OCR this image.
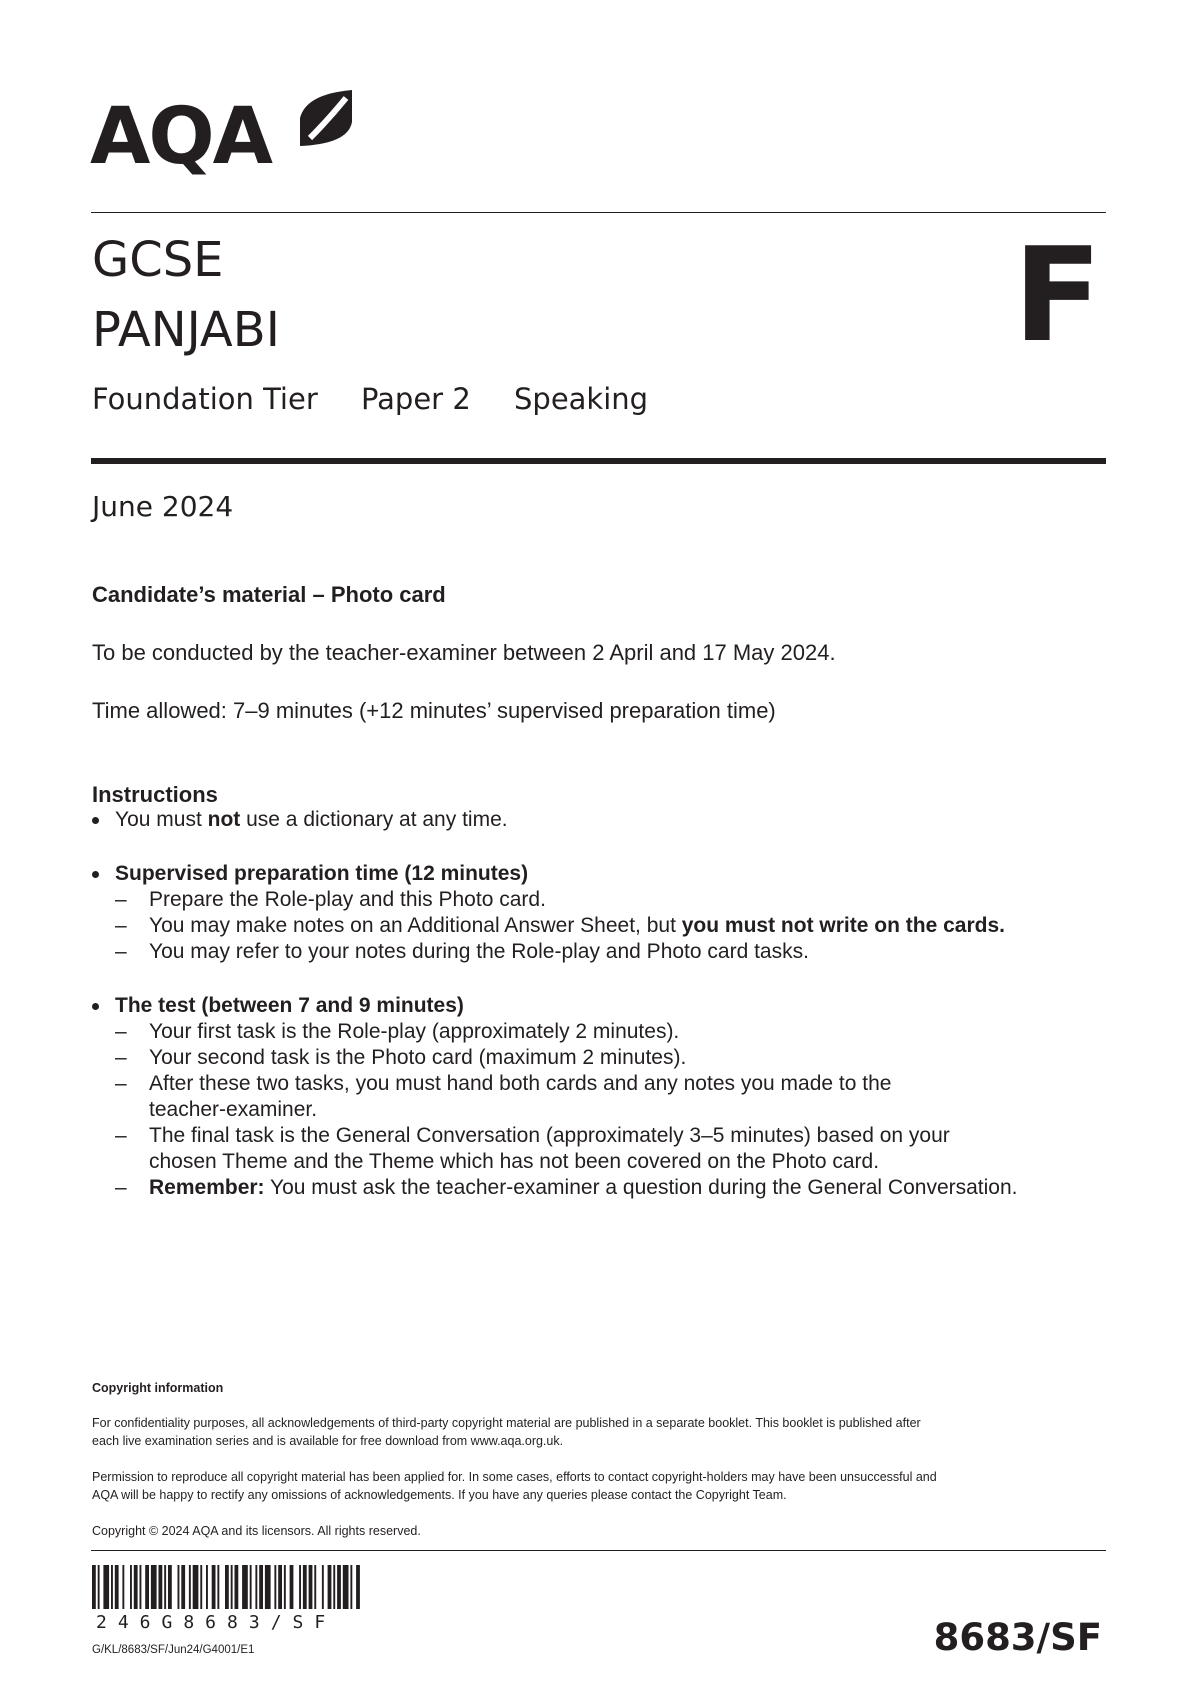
AQA
GCSE
PANJABI	F
Foundation Tier Paper 2 Speaking
June 2024
Candidate’s material – Photo card
To be conducted by the teacher-examiner between 2 April and 17 May 2024.
Time allowed: 7–9 minutes (+12 minutes’ supervised preparation time)
Instructions
You must not use a dictionary at any time.
Supervised preparation time (12 minutes)
– Prepare the Role-play and this Photo card.
– You may make notes on an Additional Answer Sheet, but you must not write on the cards.
– You may refer to your notes during the Role-play and Photo card tasks.
The test (between 7 and 9 minutes)
– Your first task is the Role-play (approximately 2 minutes).
– Your second task is the Photo card (maximum 2 minutes).
– After these two tasks, you must hand both cards and any notes you made to the
teacher-examiner.
– The final task is the General Conversation (approximately 3–5 minutes) based on your
chosen Theme and the Theme which has not been covered on the Photo card.
– Remember: You must ask the teacher-examiner a question during the General Conversation.
Copyright information
For confidentiality purposes, all acknowledgements of third-party copyright material are published in a separate booklet. This booklet is published after
each live examination series and is available for free download from www.aqa.org.uk.
Permission to reproduce all copyright material has been applied for. In some cases, efforts to contact copyright-holders may have been unsuccessful and
AQA will be happy to rectify any omissions of acknowledgements. If you have any queries please contact the Copyright Team.
Copyright © 2024 AQA and its licensors. All rights reserved.
246G8683/SF
G/KL/8683/SF/Jun24/G4001/E1	8683/SF
